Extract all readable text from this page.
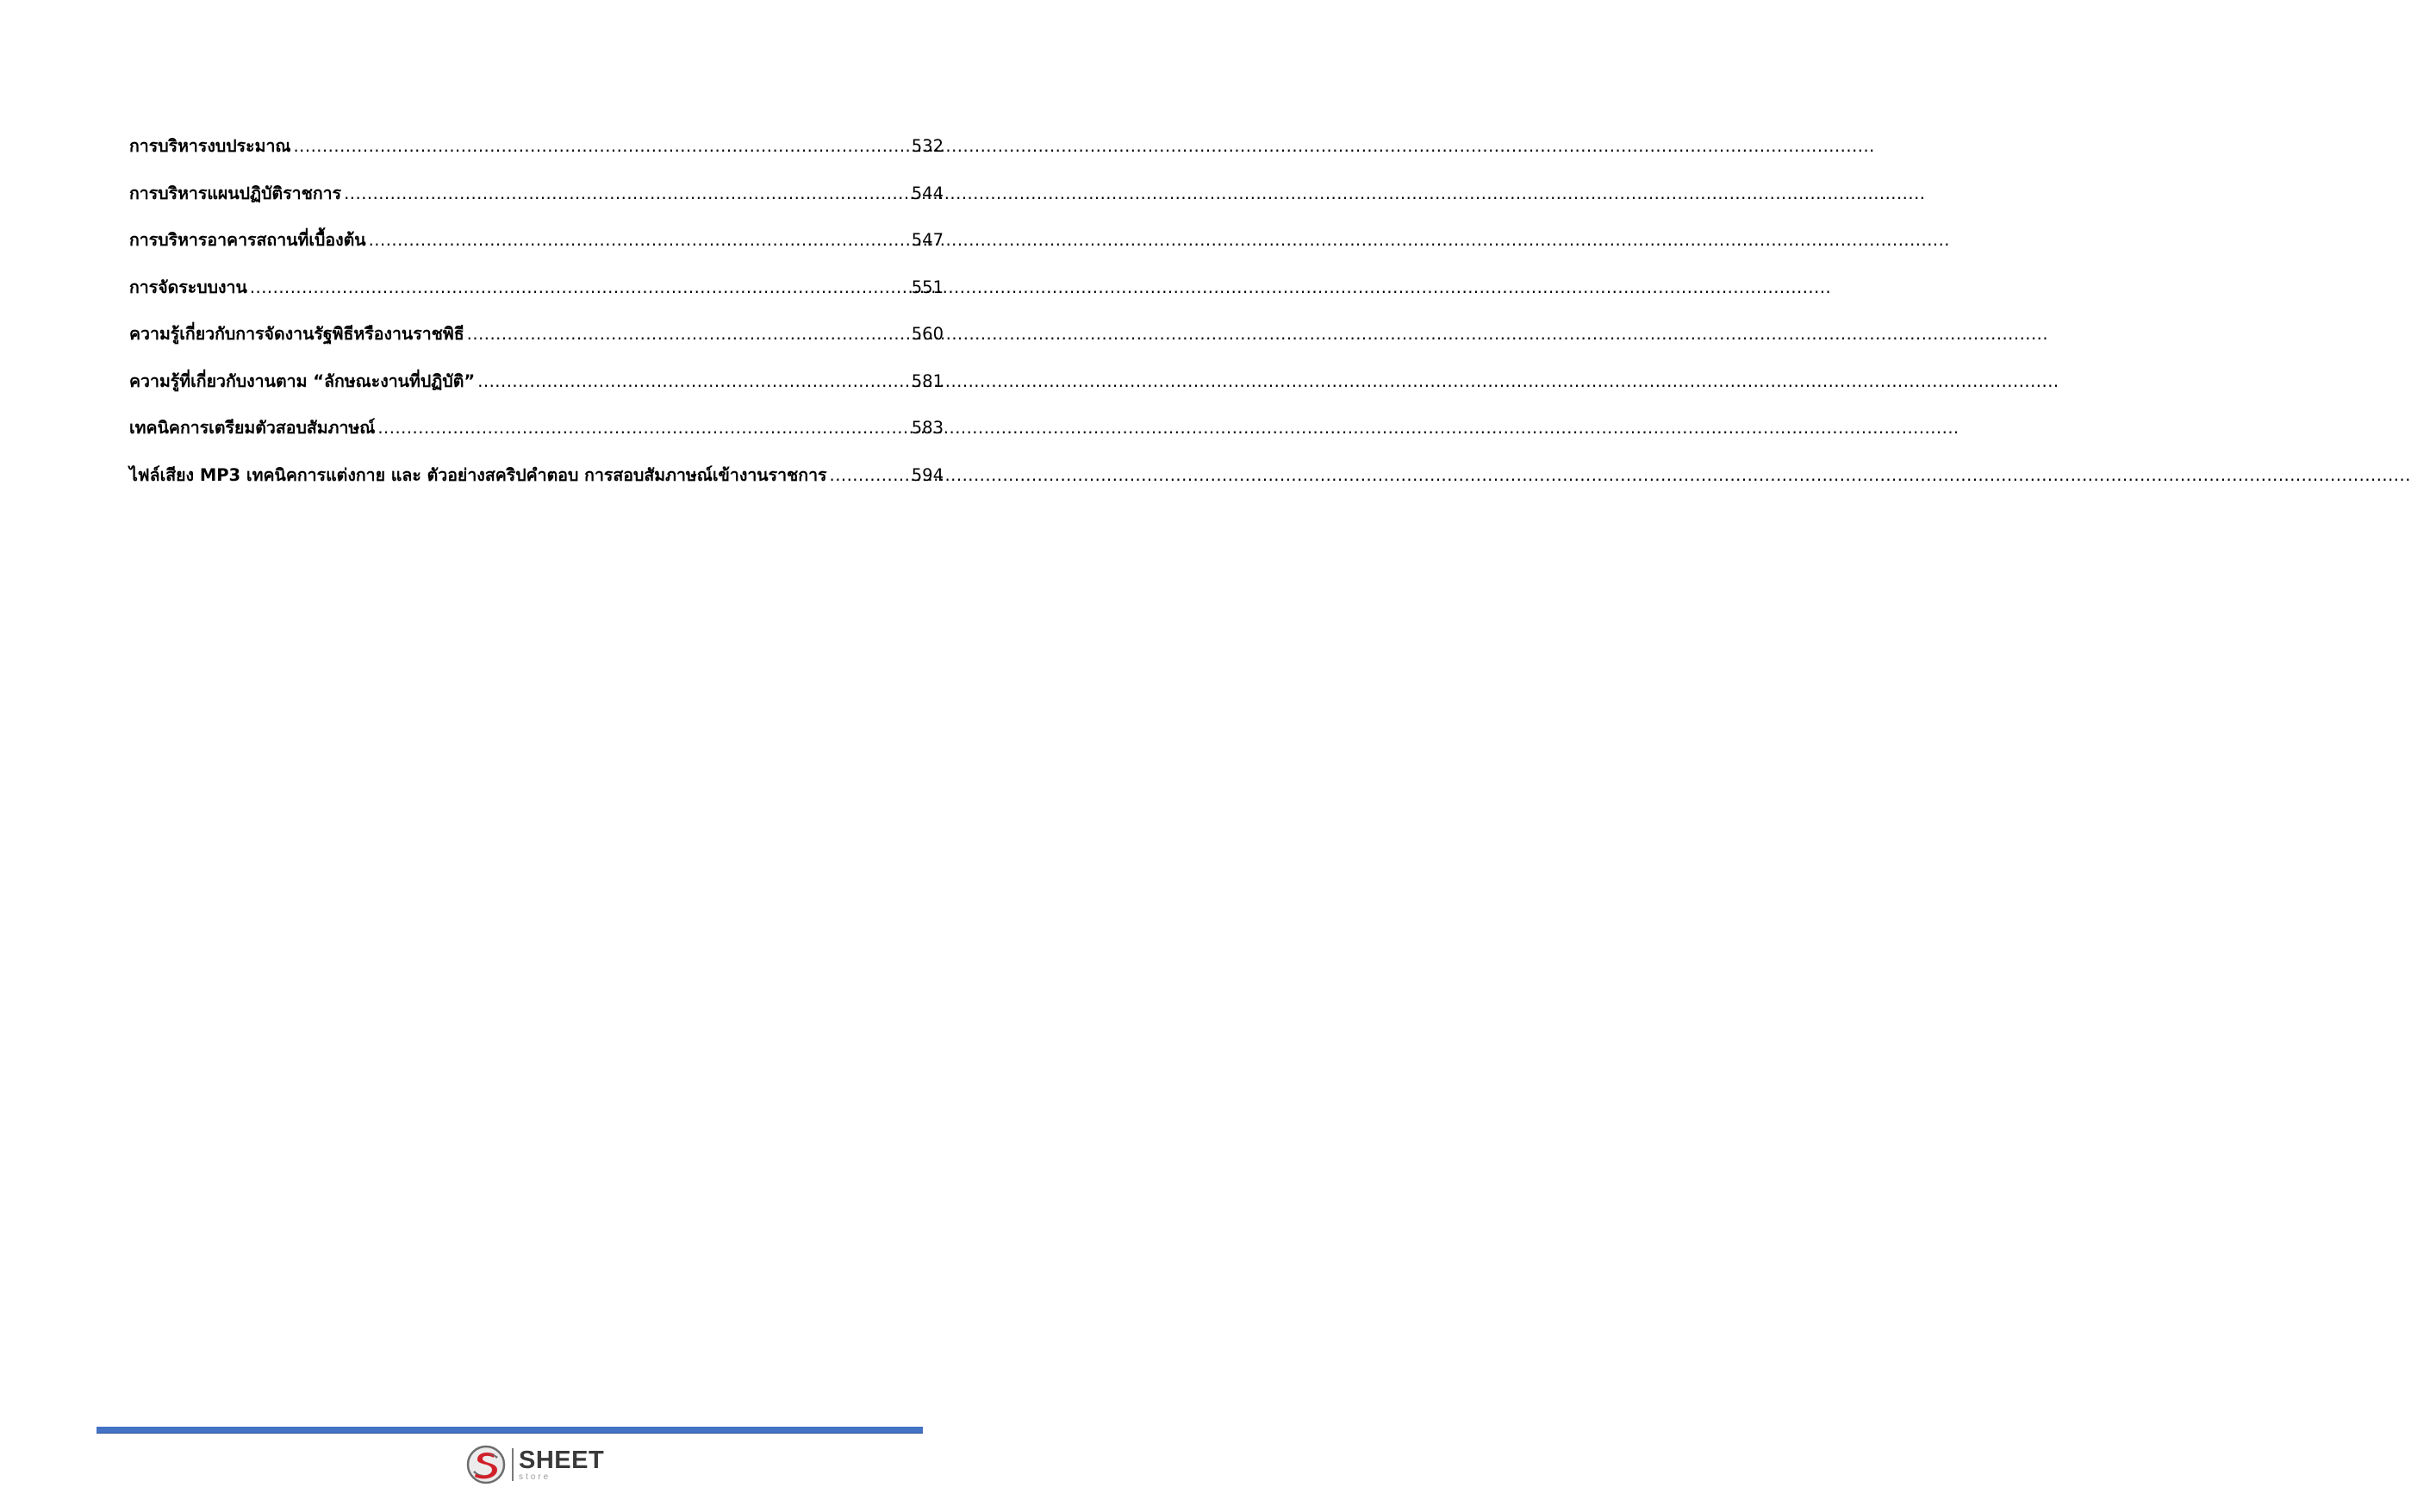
การบริหารงบประมาณ .....	532
การบริหารแผนปฏิบัติราชการ .....	544
การบริหารอาคารสถานที่เบื้องต้น .....	547
การจัดระบบงาน .....	551
ความรู้เกี่ยวกับการจัดงานรัฐพิธีหรืองานราชพิธี .....	560
ความรู้ที่เกี่ยวกับงานตาม “ลักษณะงานที่ปฏิบัติ” .....	581
เทคนิคการเตรียมตัวสอบสัมภาษณ์ .....	583
ไฟล์เสียง MP3 เทคนิคการแต่งกาย และ ตัวอย่างสคริปคำตอบ การสอบสัมภาษณ์เข้างานราชการ .....	594
SHEET
store
